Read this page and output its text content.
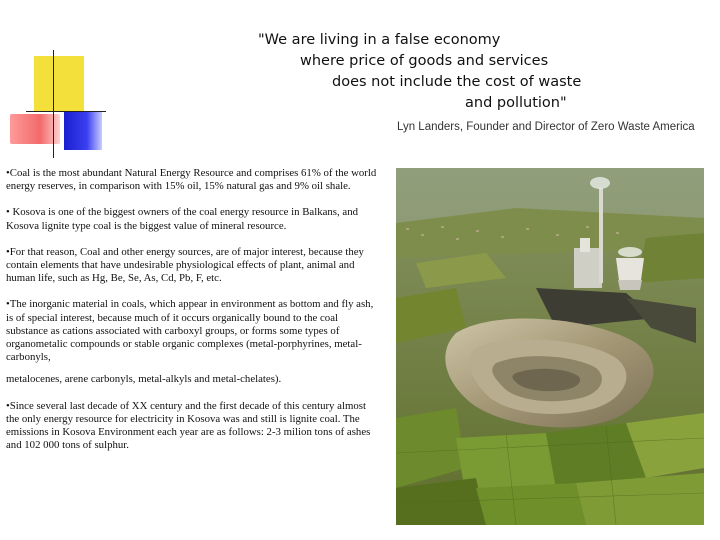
"We are living in a false economy
where price of goods and services
does not include the cost of waste
and pollution"
Lyn Landers, Founder and Director of Zero Waste America

•Coal is the most abundant Natural Energy Resource and comprises 61% of the world energy reserves, in comparison with 15% oil, 15% natural gas and 9% oil shale.

• Kosova is one of the biggest owners of the coal energy resource in Balkans, and Kosova lignite type coal is the biggest value of mineral resource.

•For that reason, Coal and other energy sources, are of major interest, because they contain elements that have undesirable physiological effects of plant, animal and human life, such as Hg, Be, Se, As, Cd, Pb, F, etc.

•The inorganic material in coals, which appear in environment as bottom and fly ash, is of special interest, because much of it occurs organically bound to the coal substance as cations associated with carboxyl groups, or forms some types of organometalic compounds or stable organic complexes (metal-porphyrines, metal-carbonyls,

metalocenes, arene carbonyls, metal-alkyls and metal-chelates).

•Since several last decade of XX century and the first decade of this century almost the only energy resource for electricity in Kosova was and still is lignite coal. The emissions in Kosova Environment each year are as follows: 2-3 milion tons of ashes and 102 000 tons of sulphur.
